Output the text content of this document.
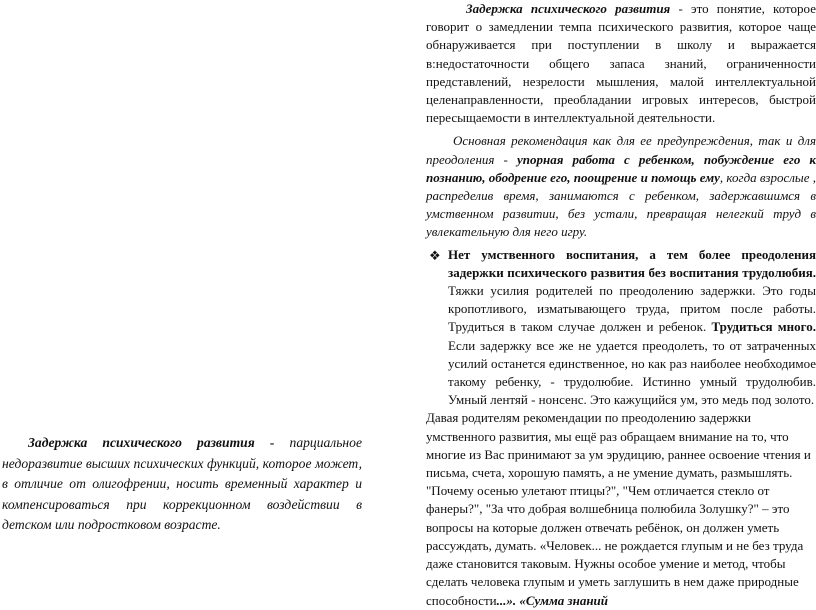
Задержка психического развития - парциальное недоразвитие высших психических функций, которое может, в отличие от олигофрении, носить временный характер и компенсироваться при коррекционном воздействии в детском или подростковом возрасте.

Задержка психического развития - это понятие, которое говорит о замедлении темпа психического развития, которое чаще обнаруживается при поступлении в школу и выражается в:недостаточности общего запаса знаний, ограниченности представлений, незрелости мышления, малой интеллектуальной целенаправленности, преобладании игровых интересов, быстрой пересыщаемости в интеллектуальной деятельности.

Основная рекомендация как для ее предупреждения, так и для преодоления - упорная работа с ребенком, побуждение его к познанию, ободрение его, поощрение и помощь ему, когда взрослые , распределив время, занимаются с ребенком, задержавшимся в умственном развитии, без устали, превращая нелегкий труд в увлекательную для него игру.

❖ Нет умственного воспитания, а тем более преодоления задержки психического развития без воспитания трудолюбия. Тяжки усилия родителей по преодолению задержки. Это годы кропотливого, изматывающего труда, притом после работы. Трудиться в таком случае должен и ребенок. Трудиться много. Если задержку все же не удается преодолеть, то от затраченных усилий останется единственное, но как раз наиболее необходимое такому ребенку, - трудолюбие. Истинно умный трудолюбив. Умный лентяй - нонсенс. Это кажущийся ум, это медь под золото.

Давая родителям рекомендации по преодолению задержки умственного развития, мы ещё раз обращаем внимание на то, что многие из Вас принимают за ум эрудицию, раннее освоение чтения и письма, счета, хорошую память, а не умение думать, размышлять. "Почему осенью улетают птицы?", "Чем отличается стекло от фанеры?", "За что добрая волшебница полюбила Золушку?" – это вопросы на которые должен отвечать ребёнок, он должен уметь рассуждать, думать. «Человек... не рождается глупым и не без труда даже становится таковым. Нужны особое умение и метод, чтобы сделать человека глупым и уметь заглушить в нем даже природные способности...». «Сумма знаний
